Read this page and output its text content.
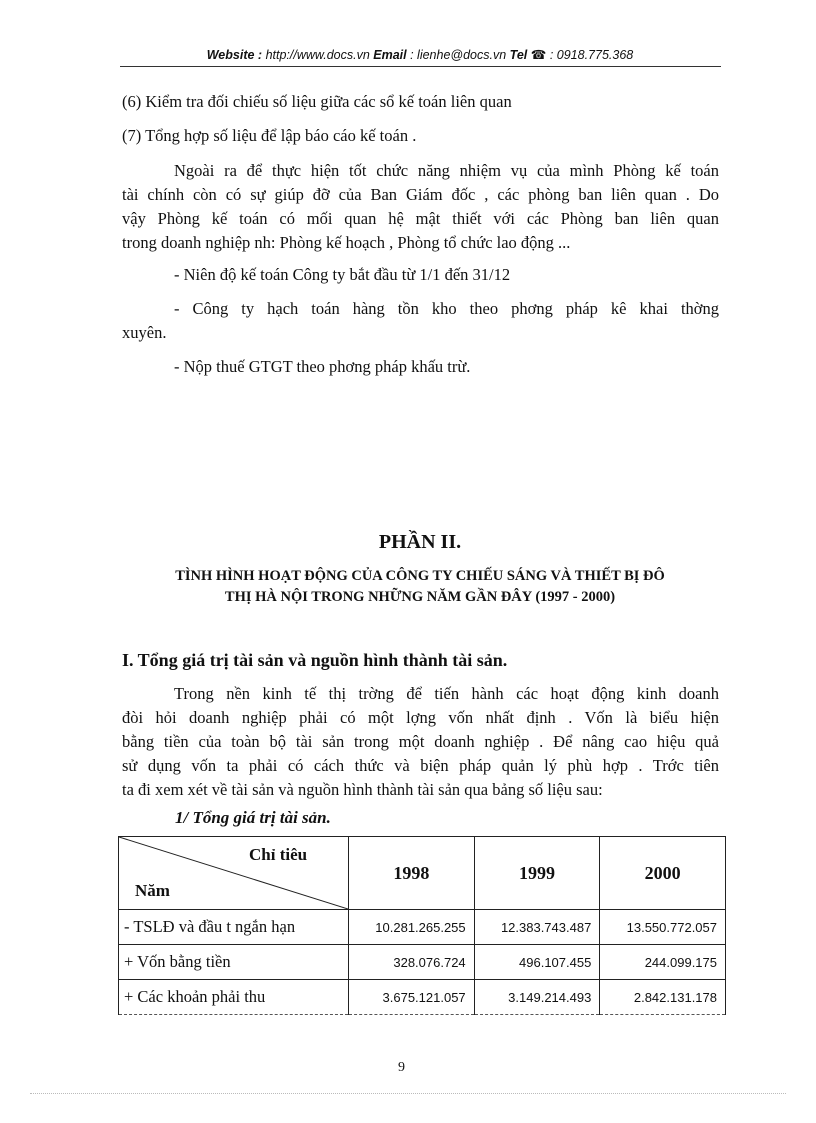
Website : http://www.docs.vn Email : lienhe@docs.vn Tel ☎ : 0918.775.368
(6) Kiểm tra đối chiếu số liệu giữa các sổ kế toán liên quan
(7) Tổng hợp số liệu để lập báo cáo kế toán .
Ngoài ra để thực hiện tốt chức năng nhiệm vụ của mình Phòng kế toán
tài chính còn có sự giúp đỡ của Ban Giám đốc , các phòng ban liên quan . Do
vậy Phòng kế toán có mối quan hệ mật thiết với các Phòng ban liên quan
trong doanh nghiệp nh: Phòng kế hoạch , Phòng tổ chức lao động ...
- Niên độ kế toán Công ty bắt đầu từ 1/1 đến 31/12
- Công ty hạch toán hàng tồn kho theo phơng pháp kê khai thờng
xuyên.
- Nộp thuế GTGT theo phơng pháp khấu trừ.
PHẦN II.
TÌNH HÌNH HOẠT ĐỘNG CỦA CÔNG TY CHIẾU SÁNG VÀ THIẾT BỊ ĐÔ
THỊ HÀ NỘI TRONG NHỮNG NĂM GẦN ĐÂY (1997 - 2000)
I. Tổng giá trị tài sản và nguồn hình thành tài sản.
Trong nền kinh tế thị trờng để tiến hành các hoạt động kinh doanh
đòi hỏi doanh nghiệp phải có một lợng vốn nhất định . Vốn là biểu hiện
bằng tiền của toàn bộ tài sản trong một doanh nghiệp . Để nâng cao hiệu quả
sử dụng vốn ta phải có cách thức và biện pháp quản lý phù hợp . Trớc tiên
ta đi xem xét về tài sản và nguồn hình thành tài sản qua bảng số liệu sau:
1/ Tổng giá trị tài sản.
Chỉ tiêu
Năm	1998	1999	2000
- TSLĐ và đầu t ngắn hạn	10.281.265.255	12.383.743.487	13.550.772.057
+ Vốn bằng tiền	328.076.724	496.107.455	244.099.175
+ Các khoản phải thu	3.675.121.057	3.149.214.493	2.842.131.178
9
